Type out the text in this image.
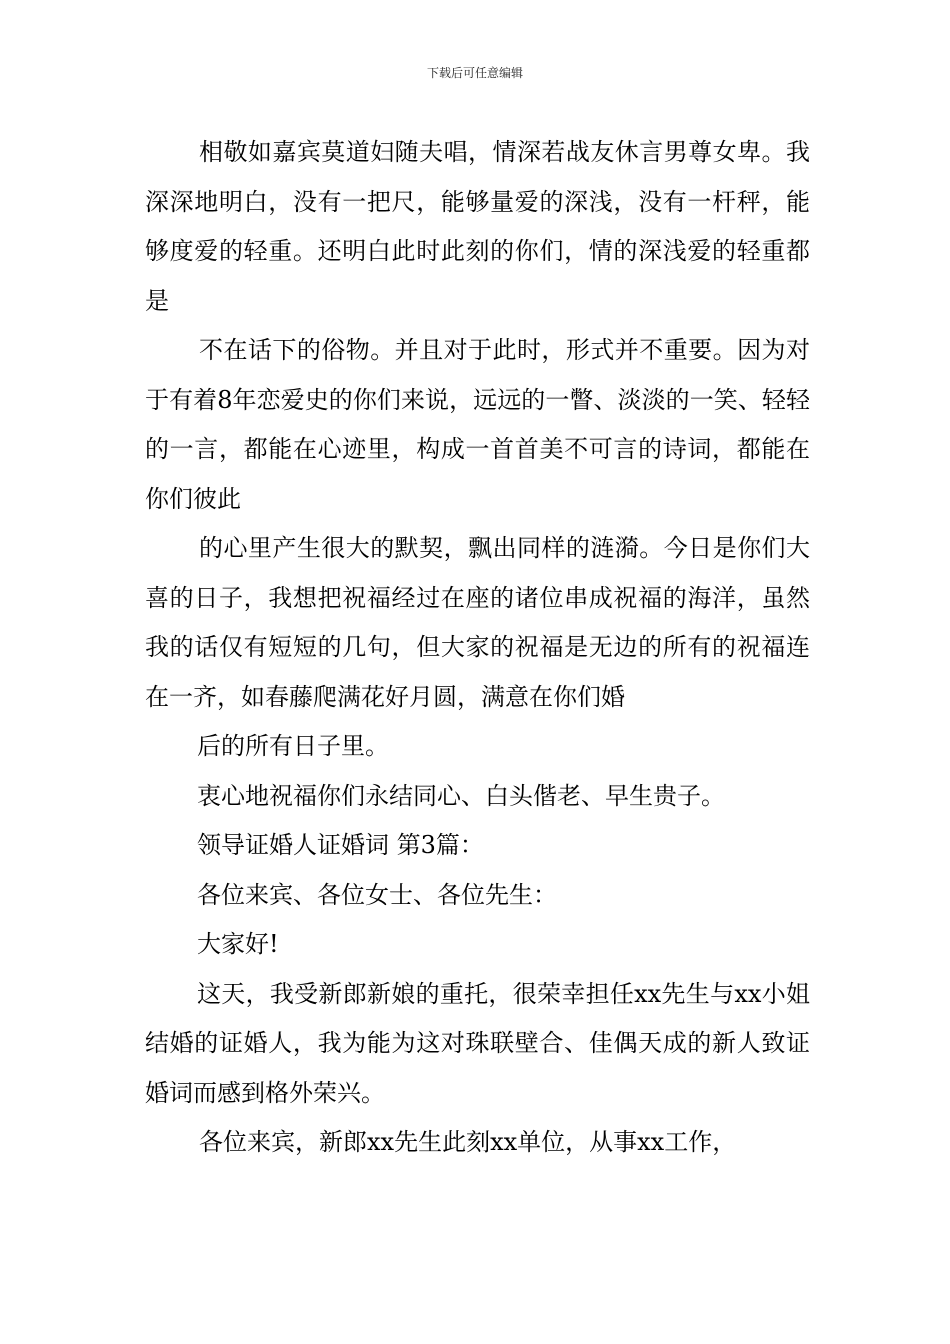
下载后可任意编辑

相敬如嘉宾莫道妇随夫唱，情深若战友休言男尊女卑。我深深地明白，没有一把尺，能够量爱的深浅，没有一杆秤，能够度爱的轻重。还明白此时此刻的你们，情的深浅爱的轻重都是

不在话下的俗物。并且对于此时，形式并不重要。因为对于有着8年恋爱史的你们来说，远远的一瞥、淡淡的一笑、轻轻的一言，都能在心迹里，构成一首首美不可言的诗词，都能在你们彼此

的心里产生很大的默契，飘出同样的涟漪。今日是你们大喜的日子，我想把祝福经过在座的诸位串成祝福的海洋，虽然我的话仅有短短的几句，但大家的祝福是无边的所有的祝福连在一齐，如春藤爬满花好月圆，满意在你们婚

后的所有日子里。

衷心地祝福你们永结同心、白头偕老、早生贵子。

领导证婚人证婚词 第3篇：

各位来宾、各位女士、各位先生：

大家好!

这天，我受新郎新娘的重托，很荣幸担任xx先生与xx小姐结婚的证婚人，我为能为这对珠联壁合、佳偶天成的新人致证婚词而感到格外荣兴。

各位来宾，新郎xx先生此刻xx单位，从事xx工作，
